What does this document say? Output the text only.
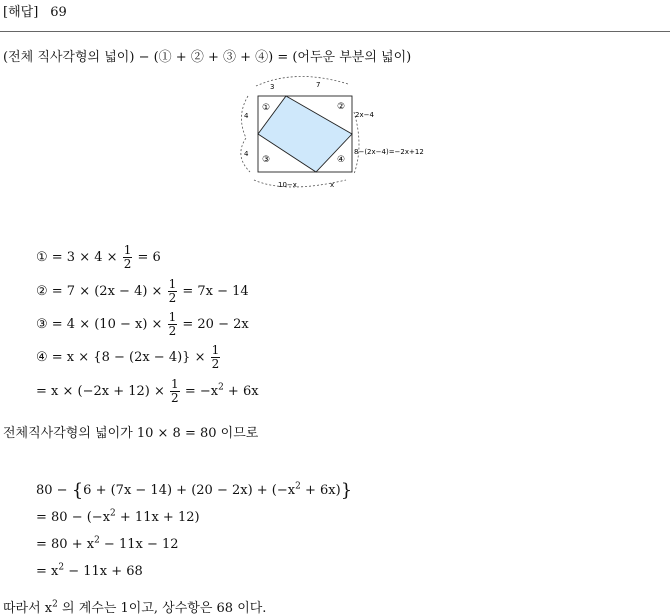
[해답] 69
(전체 직사각형의 넓이) − (① + ② + ③ + ④) = (어두운 부분의 넓이)
3	7
4
4
2x−4
8−(2x−4)=−2x+12
10−x	x
①	②
③	④
① = $3 \times 4 \times \frac{1}{2} = 6$
② = $7 \times (2x - 4) \times \frac{1}{2} = 7x - 14$
③ = $4 \times (10 - x) \times \frac{1}{2} = 20 - 2x$
④ = $x \times \{8 - (2x - 4)\} \times \frac{1}{2}$
= $x \times (-2x + 12) \times \frac{1}{2} = -x^2 + 6x$
전체직사각형의 넓이가 10 × 8 = 80 이므로
$80 - \{6 + (7x - 14) + (20 - 2x) + (-x^2 + 6x)\}$
= $80 - (-x^2 + 11x + 12)$
= $80 + x^2 - 11x - 12$
= $x^2 - 11x + 68$
따라서 $x^2$ 의 계수는 1이고, 상수항은 68 이다.
